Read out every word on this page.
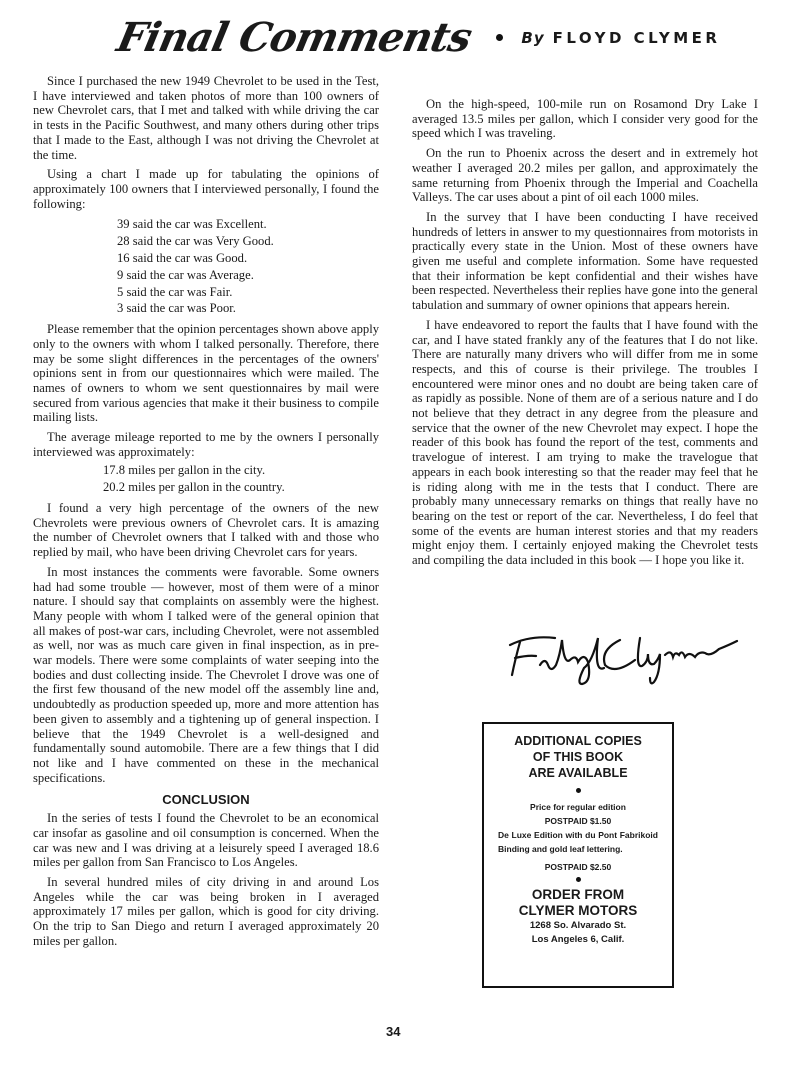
Final Comments	By FLOYD CLYMER

Since I purchased the new 1949 Chevrolet to be used in the Test, I have interviewed and taken photos of more than 100 owners of new Chevrolet cars, that I met and talked with while driving the car in tests in the Pacific Southwest, and many others during other trips that I made to the East, although I was not driving the Chevrolet at the time.

Using a chart I made up for tabulating the opinions of approximately 100 owners that I interviewed personally, I found the following:

39 said the car was Excellent.
28 said the car was Very Good.
16 said the car was Good.
9 said the car was Average.
5 said the car was Fair.
3 said the car was Poor.

Please remember that the opinion percentages shown above apply only to the owners with whom I talked personally. Therefore, there may be some slight differences in the percentages of the owners' opinions sent in from our questionnaires which were mailed. The names of owners to whom we sent questionnaires by mail were secured from various agencies that make it their business to compile mailing lists.

The average mileage reported to me by the owners I personally interviewed was approximately:

17.8 miles per gallon in the city.
20.2 miles per gallon in the country.

I found a very high percentage of the owners of the new Chevrolets were previous owners of Chevrolet cars. It is amazing the number of Chevrolet owners that I talked with and those who replied by mail, who have been driving Chevrolet cars for years.

In most instances the comments were favorable. Some owners had had some trouble — however, most of them were of a minor nature. I should say that complaints on assembly were the highest. Many people with whom I talked were of the general opinion that all makes of post-war cars, including Chevrolet, were not assembled as well, nor was as much care given in final inspection, as in pre-war models. There were some complaints of water seeping into the bodies and dust collecting inside. The Chevrolet I drove was one of the first few thousand of the new model off the assembly line and, undoubtedly as production speeded up, more and more attention has been given to assembly and a tightening up of general inspection. I believe that the 1949 Chevrolet is a well-designed and fundamentally sound automobile. There are a few things that I did not like and I have commented on these in the mechanical specifications.

CONCLUSION

In the series of tests I found the Chevrolet to be an economical car insofar as gasoline and oil consumption is concerned. When the car was new and I was driving at a leisurely speed I averaged 18.6 miles per gallon from San Francisco to Los Angeles.

In several hundred miles of city driving in and around Los Angeles while the car was being broken in I averaged approximately 17 miles per gallon, which is good for city driving. On the trip to San Diego and return I averaged approximately 20 miles per gallon.

On the high-speed, 100-mile run on Rosamond Dry Lake I averaged 13.5 miles per gallon, which I consider very good for the speed which I was traveling.

On the run to Phoenix across the desert and in extremely hot weather I averaged 20.2 miles per gallon, and approximately the same returning from Phoenix through the Imperial and Coachella Valleys. The car uses about a pint of oil each 1000 miles.

In the survey that I have been conducting I have received hundreds of letters in answer to my questionnaires from motorists in practically every state in the Union. Most of these owners have given me useful and complete information. Some have requested that their information be kept confidential and their wishes have been respected. Nevertheless their replies have gone into the general tabulation and summary of owner opinions that appears herein.

I have endeavored to report the faults that I have found with the car, and I have stated frankly any of the features that I do not like. There are naturally many drivers who will differ from me in some respects, and this of course is their privilege. The troubles I encountered were minor ones and no doubt are being taken care of as rapidly as possible. None of them are of a serious nature and I do not believe that they detract in any degree from the pleasure and service that the owner of the new Chevrolet may expect. I hope the reader of this book has found the report of the test, comments and travelogue of interest. I am trying to make the travelogue that appears in each book interesting so that the reader may feel that he is riding along with me in the tests that I conduct. There are probably many unnecessary remarks on things that really have no bearing on the test or report of the car. Nevertheless, I do feel that some of the events are human interest stories and that my readers might enjoy them. I certainly enjoyed making the Chevrolet tests and compiling the data included in this book — I hope you like it.

ADDITIONAL COPIES
OF THIS BOOK
ARE AVAILABLE
Price for regular edition
POSTPAID $1.50
De Luxe Edition with du Pont Fabrikoid Binding and gold leaf lettering.
POSTPAID $2.50
ORDER FROM
CLYMER MOTORS
1268 So. Alvarado St.
Los Angeles 6, Calif.
34
